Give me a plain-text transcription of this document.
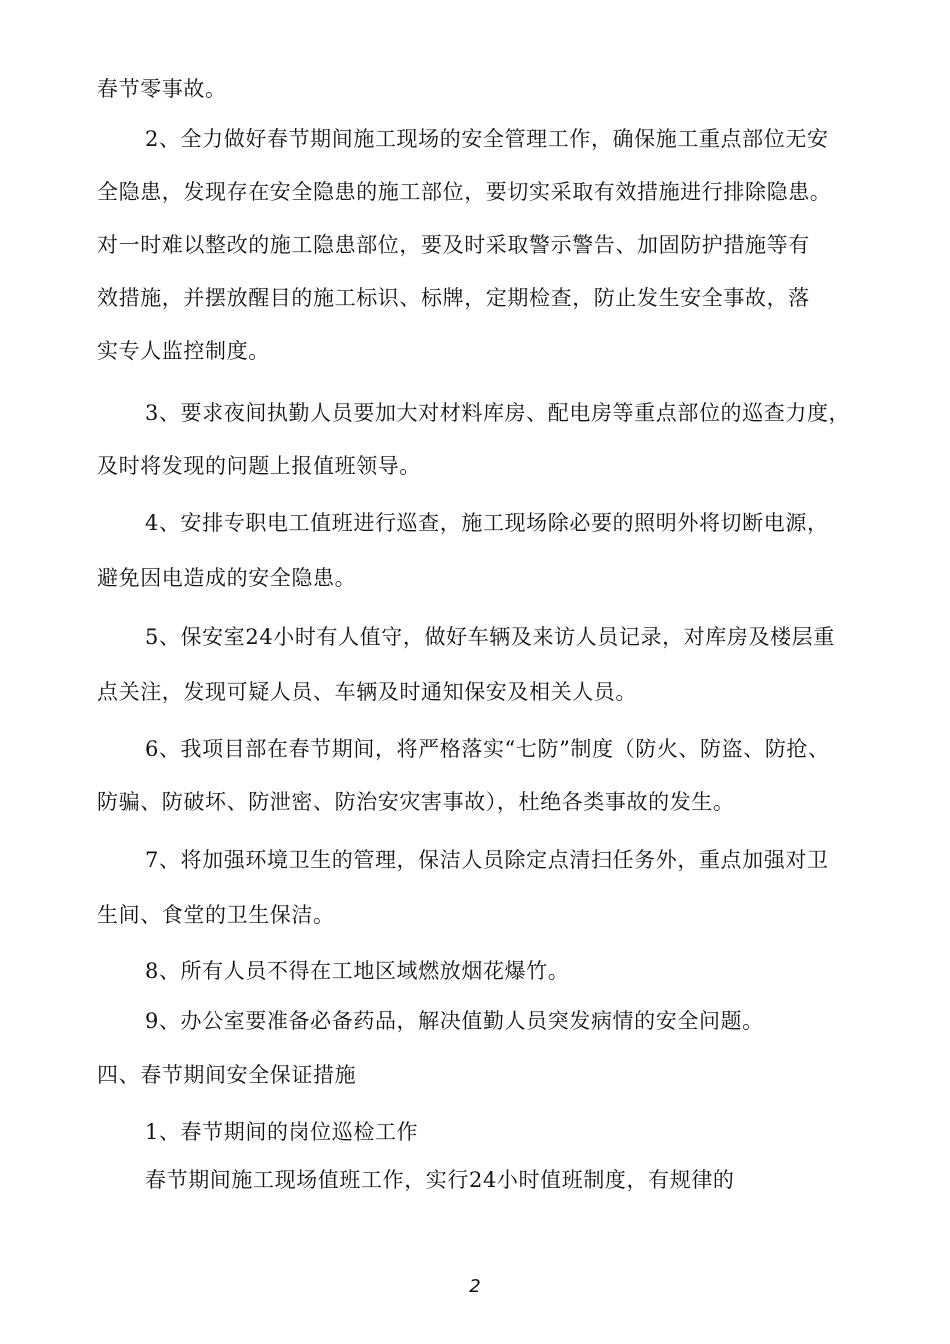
春节零事故。
2、全力做好春节期间施工现场的安全管理工作，确保施工重点部位无安
全隐患，发现存在安全隐患的施工部位，要切实采取有效措施进行排除隐患。
对一时难以整改的施工隐患部位，要及时采取警示警告、加固防护措施等有
效措施，并摆放醒目的施工标识、标牌，定期检查，防止发生安全事故，落
实专人监控制度。
3、要求夜间执勤人员要加大对材料库房、配电房等重点部位的巡查力度，
及时将发现的问题上报值班领导。
4、安排专职电工值班进行巡查，施工现场除必要的照明外将切断电源，
避免因电造成的安全隐患。
5、保安室24小时有人值守，做好车辆及来访人员记录，对库房及楼层重
点关注，发现可疑人员、车辆及时通知保安及相关人员。
6、我项目部在春节期间，将严格落实“七防”制度（防火、防盗、防抢、
防骗、防破坏、防泄密、防治安灾害事故），杜绝各类事故的发生。
7、将加强环境卫生的管理，保洁人员除定点清扫任务外，重点加强对卫
生间、食堂的卫生保洁。
8、所有人员不得在工地区域燃放烟花爆竹。
9、办公室要准备必备药品，解决值勤人员突发病情的安全问题。
四、春节期间安全保证措施
1、春节期间的岗位巡检工作
春节期间施工现场值班工作，实行24小时值班制度，有规律的
2
